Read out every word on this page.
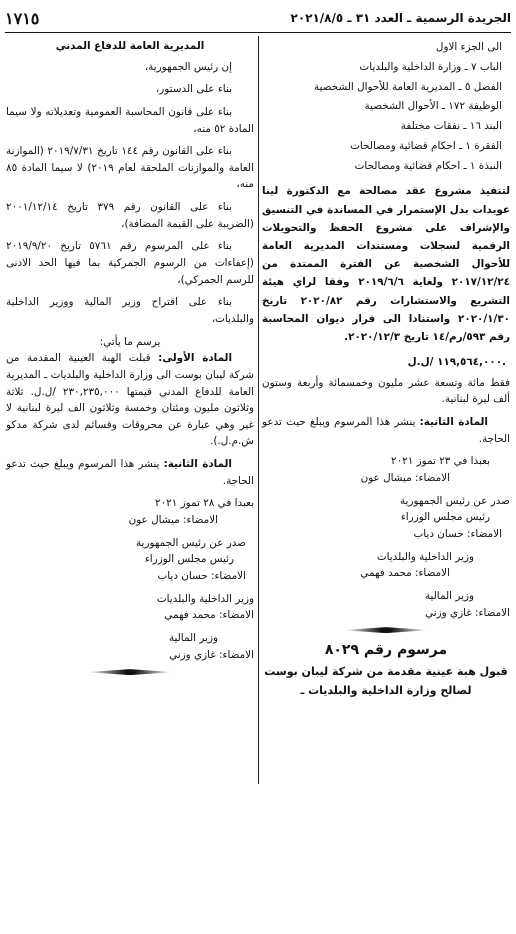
الجريدة الرسمية ـ العدد ٣١ ـ ٢٠٢١/٨/٥
١٧١٥

الى الجزء الاول

الباب ٧ ـ وزارة الداخلية والبلديات

الفصل ٥ ـ المديرية العامة للأحوال الشخصية

الوظيفة ١٧٢ ـ الأحوال الشخصية

البند ١٦ ـ نفقات مختلفة

الفقرة ١ ـ احكام قضائية ومصالحات

النبذة ١ ـ احكام قضائية ومصالحات

لتنفيذ مشروع عقد مصالحة مع الدكتورة لينا عويدات بدل الإستمرار في المساندة في التنسيق والإشراف على مشروع الحفظ والتحويلات الرقمية لسجلات ومستندات المديرية العامة للأحوال الشخصية عن الفترة الممتدة من ٢٠١٧/١٢/٢٤ ولغاية ٢٠١٩/٦/٦ وفقا لراي هيئة التشريع والاستشارات رقم ٢٠٢٠/٨٢ تاريخ ٢٠٢٠/١/٣٠ واستنادا الى قرار ديوان المحاسبة رقم ٥٩٣/رم/١٤ تاريخ ٢٠٢٠/١٢/٣.

١١٩,٥٦٤,٠٠٠ /ل.ل.

فقط مائة وتسعة عشر مليون وخمسمائة وأربعة وستون ألف ليرة لبنانية.

المادة الثانية: ينشر هذا المرسوم ويبلغ حيث تدعو الحاجة.

بعبدا في ٢٣ تموز ٢٠٢١

الامضاء: ميشال عون

صدر عن رئيس الجمهورية

رئيس مجلس الوزراء

الامضاء: حسان دياب

وزير الداخلية والبلديات

الامضاء: محمد فهمي

وزير المالية

الامضاء: غازي وزني

مرسوم رقم ٨٠٢٩

قبول هبة عينية مقدمة من شركة ليبان بوست لصالح وزارة الداخلية والبلديات ـ

المديرية العامة للدفاع المدني

إن رئيس الجمهورية،

بناء على الدستور،

بناء على قانون المحاسبة العمومية وتعديلاته ولا سيما المادة ٥٢ منه،

بناء على القانون رقم ١٤٤ تاريخ ٢٠١٩/٧/٣١ (الموازنة العامة والموازنات الملحقة لعام ٢٠١٩) لا سيما المادة ٨٥ منه،

بناء على القانون رقم ٣٧٩ تاريخ ٢٠٠١/١٢/١٤ (الضريبة على القيمة المضافة)،

بناء على المرسوم رقم ٥٧٦١ تاريخ ٢٠١٩/٩/٢٠ (إعفاءات من الرسوم الجمركية بما فيها الحد الادنى للرسم الجمركي)،

بناء على اقتراح وزير المالية ووزير الداخلية والبلديات،

يرسم ما يأتي:

المادة الأولى: قبلت الهبة العينية المقدمة من شركة ليبان بوست الى وزارة الداخلية والبلديات ـ المديرية العامة للدفاع المدني قيمتها ٢٣٠,٢٣٥,٠٠٠ /ل.ل. ثلاثة وثلاثون مليون ومئتان وخمسة وثلاثون الف ليرة لبنانية لا غير وهي عبارة عن محروقات وقسائم لدى شركة مدكو ش.م.ل.).

المادة الثانية: ينشر هذا المرسوم ويبلغ حيث تدعو الحاجة.

بعبدا في ٢٨ تموز ٢٠٢١

الامضاء: ميشال عون

صدر عن رئيس الجمهورية

رئيس مجلس الوزراء

الامضاء: حسان دياب

وزير الداخلية والبلديات

الامضاء: محمد فهمي

وزير المالية

الامضاء: غازي وزني
